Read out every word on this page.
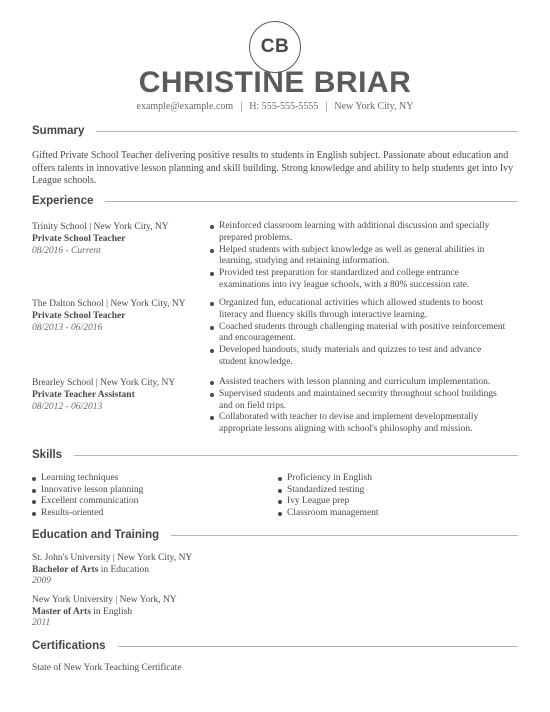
CB
CHRISTINE BRIAR
example@example.com | H: 555-555-5555 | New York City, NY
Summary
Gifted Private School Teacher delivering positive results to students in English subject. Passionate about education and offers talents in innovative lesson planning and skill building. Strong knowledge and ability to help students get into Ivy League schools.
Experience
Trinity School | New York City, NY
Private School Teacher
08/2016 - Current
Reinforced classroom learning with additional discussion and specially prepared problems.
Helped students with subject knowledge as well as general abilities in learning, studying and retaining information.
Provided test preparation for standardized and college entrance examinations into ivy league schools, with a 80% succession rate.
The Dalton School | New York City, NY
Private School Teacher
08/2013 - 06/2016
Organized fun, educational activities which allowed students to boost literacy and fluency skills through interactive learning.
Coached students through challenging material with positive reinforcement and encouragement.
Developed handouts, study materials and quizzes to test and advance student knowledge.
Brearley School | New York City, NY
Private Teacher Assistant
08/2012 - 06/2013
Assisted teachers with lesson planning and curriculum implementation.
Supervised students and maintained security throughout school buildings and on field trips.
Collaborated with teacher to devise and implement developmentally appropriate lessons aligning with school's philosophy and mission.
Skills
Learning techniques
Innovative lesson planning
Excellent communication
Results-oriented
Proficiency in English
Standardized testing
Ivy League prep
Classroom management
Education and Training
St. John's University | New York City, NY
Bachelor of Arts in Education
2009
New York University | New York, NY
Master of Arts in English
2011
Certifications
State of New York Teaching Certificate
